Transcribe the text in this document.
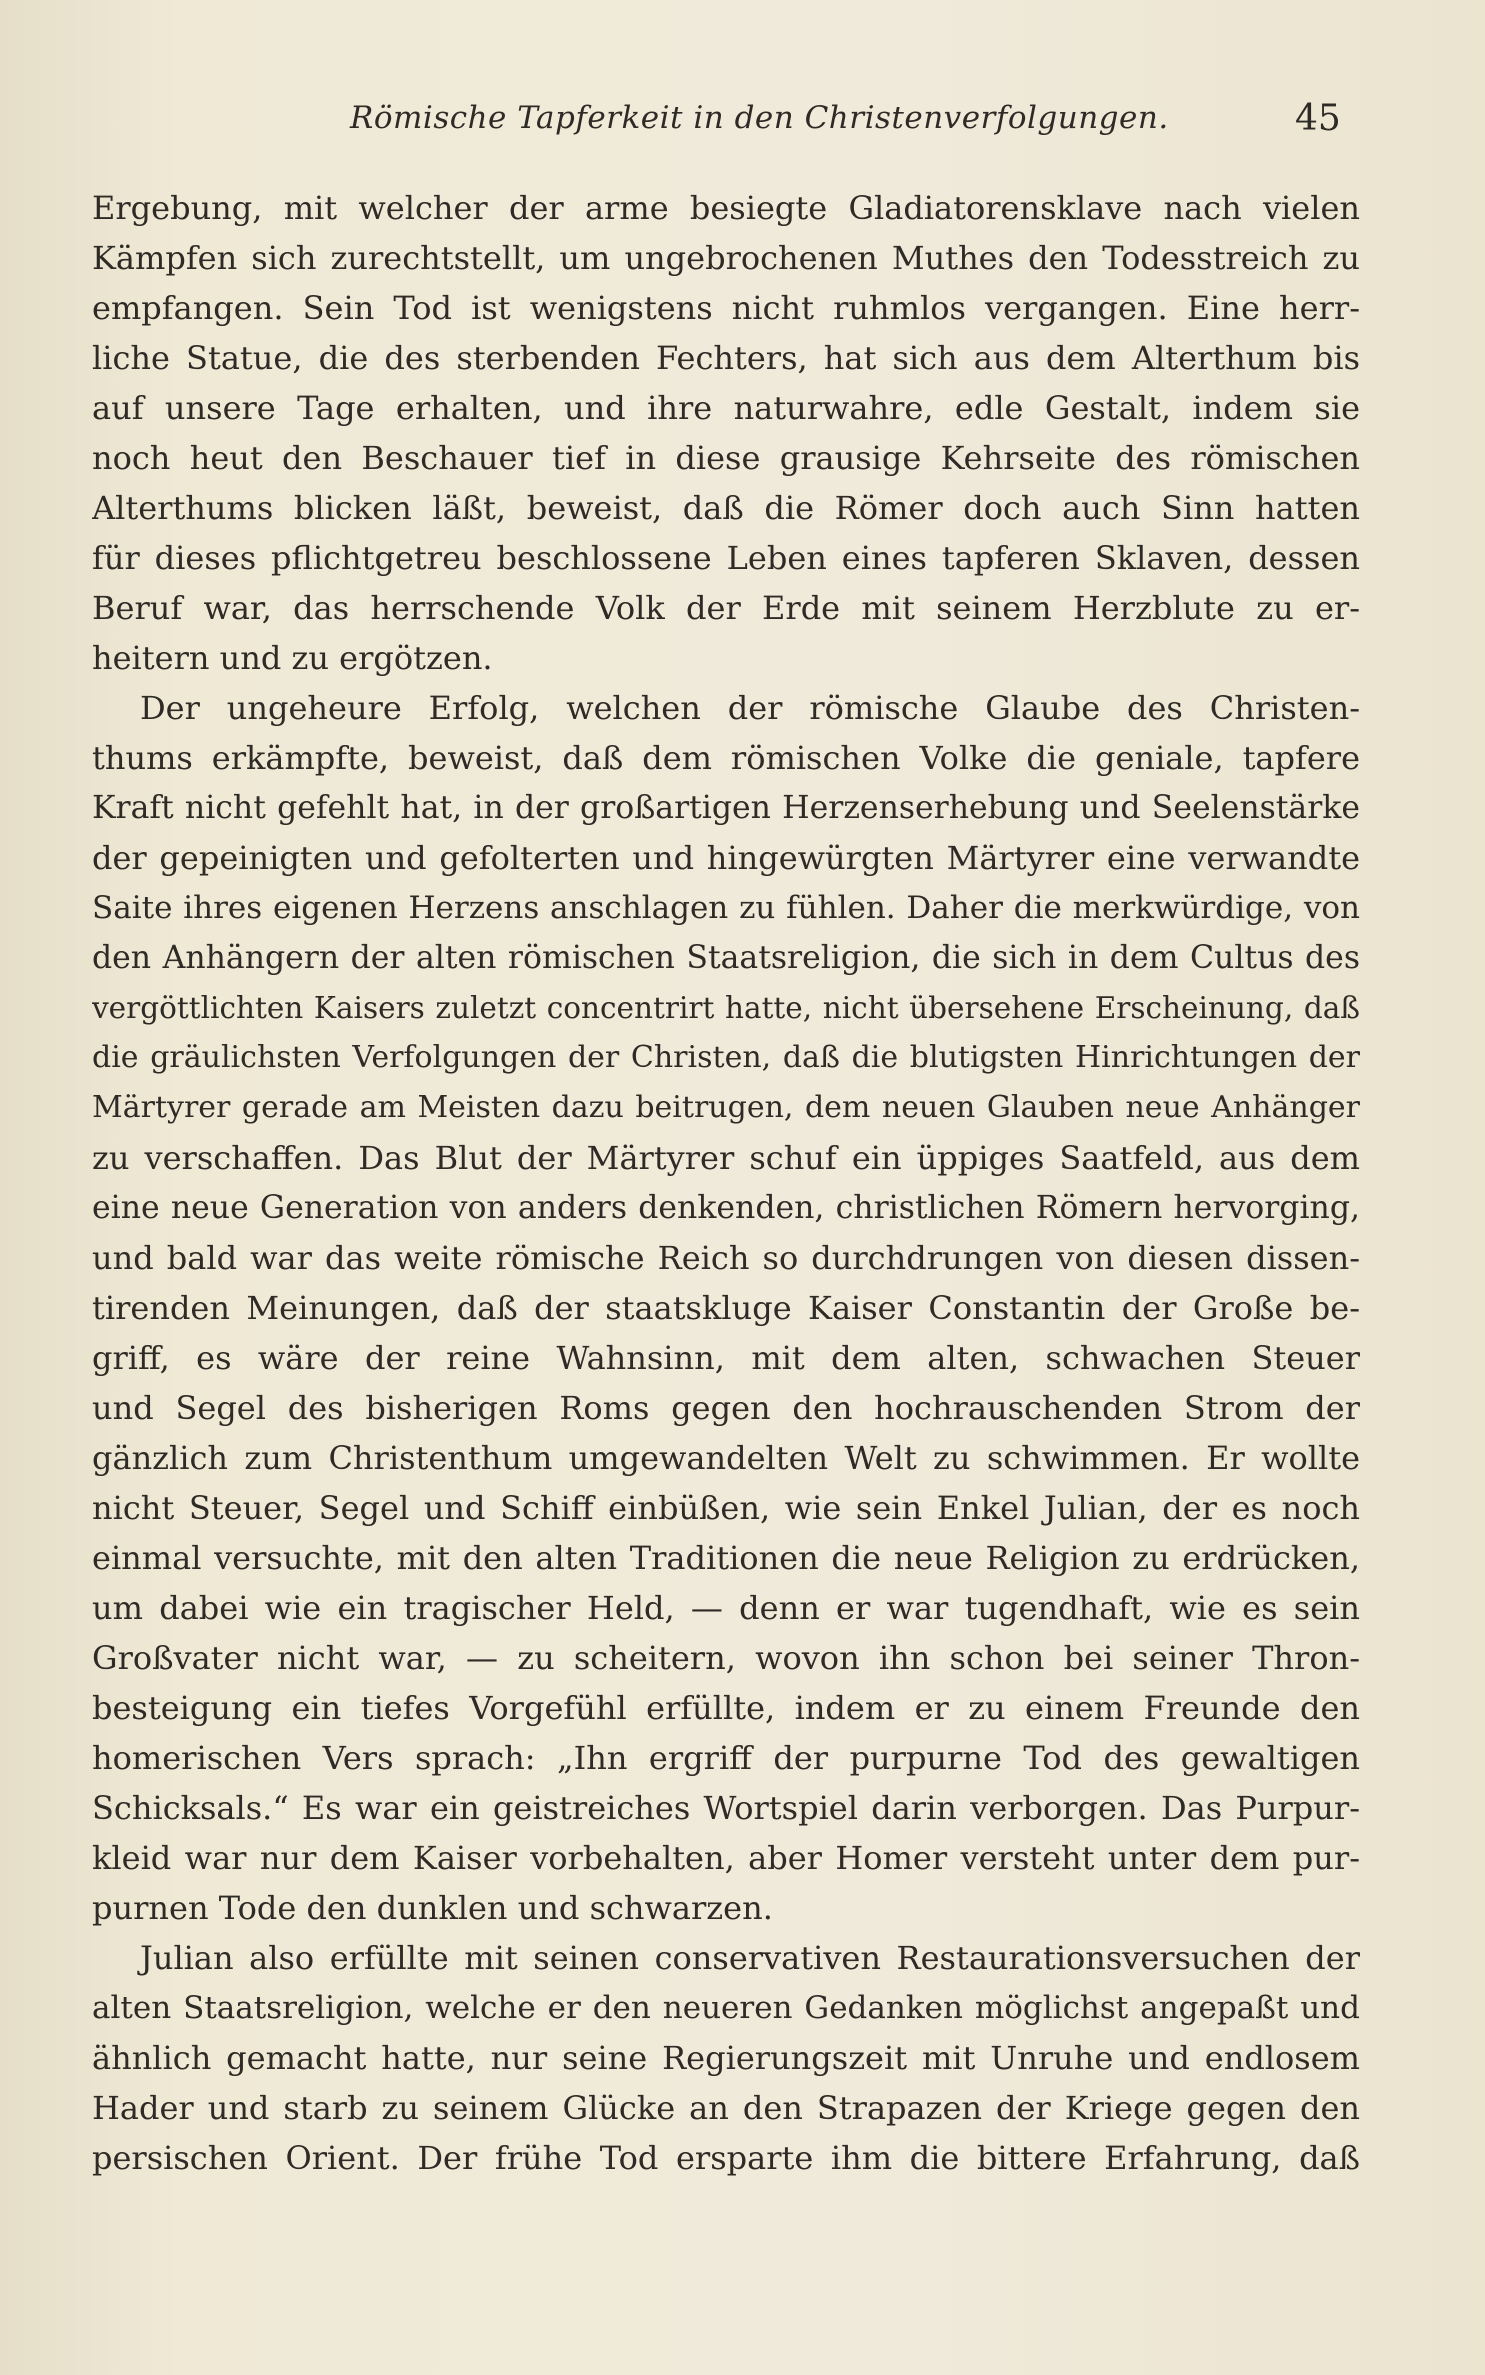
Römische Tapferkeit in den Christenverfolgungen.	45
Ergebung, mit welcher der arme besiegte Gladiatorensklave nach vielen
Kämpfen sich zurechtstellt, um ungebrochenen Muthes den Todesstreich zu
empfangen. Sein Tod ist wenigstens nicht ruhmlos vergangen. Eine herr-
liche Statue, die des sterbenden Fechters, hat sich aus dem Alterthum bis
auf unsere Tage erhalten, und ihre naturwahre, edle Gestalt, indem sie
noch heut den Beschauer tief in diese grausige Kehrseite des römischen
Alterthums blicken läßt, beweist, daß die Römer doch auch Sinn hatten
für dieses pflichtgetreu beschlossene Leben eines tapferen Sklaven, dessen
Beruf war, das herrschende Volk der Erde mit seinem Herzblute zu er-
heitern und zu ergötzen.
Der ungeheure Erfolg, welchen der römische Glaube des Christen-
thums erkämpfte, beweist, daß dem römischen Volke die geniale, tapfere
Kraft nicht gefehlt hat, in der großartigen Herzenserhebung und Seelenstärke
der gepeinigten und gefolterten und hingewürgten Märtyrer eine verwandte
Saite ihres eigenen Herzens anschlagen zu fühlen. Daher die merkwürdige, von
den Anhängern der alten römischen Staatsreligion, die sich in dem Cultus des
vergöttlichten Kaisers zuletzt concentrirt hatte, nicht übersehene Erscheinung, daß
die gräulichsten Verfolgungen der Christen, daß die blutigsten Hinrichtungen der
Märtyrer gerade am Meisten dazu beitrugen, dem neuen Glauben neue Anhänger
zu verschaffen. Das Blut der Märtyrer schuf ein üppiges Saatfeld, aus dem
eine neue Generation von anders denkenden, christlichen Römern hervorging,
und bald war das weite römische Reich so durchdrungen von diesen dissen-
tirenden Meinungen, daß der staatskluge Kaiser Constantin der Große be-
griff, es wäre der reine Wahnsinn, mit dem alten, schwachen Steuer
und Segel des bisherigen Roms gegen den hochrauschenden Strom der
gänzlich zum Christenthum umgewandelten Welt zu schwimmen. Er wollte
nicht Steuer, Segel und Schiff einbüßen, wie sein Enkel Julian, der es noch
einmal versuchte, mit den alten Traditionen die neue Religion zu erdrücken,
um dabei wie ein tragischer Held, — denn er war tugendhaft, wie es sein
Großvater nicht war, — zu scheitern, wovon ihn schon bei seiner Thron-
besteigung ein tiefes Vorgefühl erfüllte, indem er zu einem Freunde den
homerischen Vers sprach: „Ihn ergriff der purpurne Tod des gewaltigen
Schicksals.“ Es war ein geistreiches Wortspiel darin verborgen. Das Purpur-
kleid war nur dem Kaiser vorbehalten, aber Homer versteht unter dem pur-
purnen Tode den dunklen und schwarzen.
Julian also erfüllte mit seinen conservativen Restaurationsversuchen der
alten Staatsreligion, welche er den neueren Gedanken möglichst angepaßt und
ähnlich gemacht hatte, nur seine Regierungszeit mit Unruhe und endlosem
Hader und starb zu seinem Glücke an den Strapazen der Kriege gegen den
persischen Orient. Der frühe Tod ersparte ihm die bittere Erfahrung, daß
